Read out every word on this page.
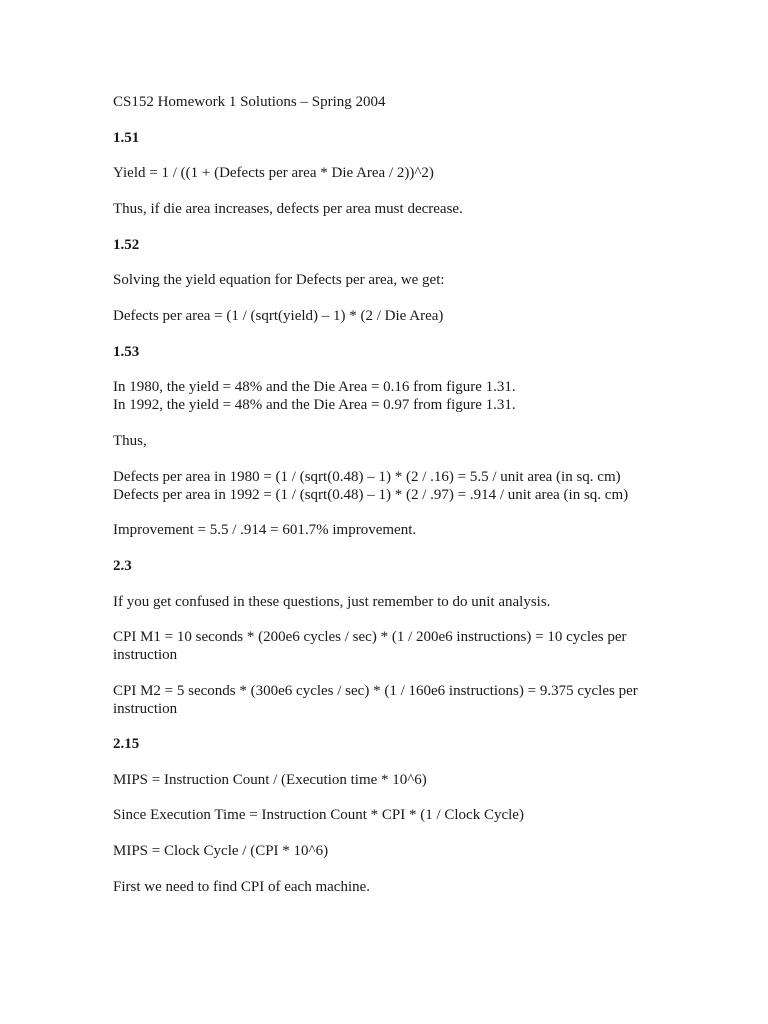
CS152 Homework 1 Solutions – Spring 2004
1.51
Yield = 1 / ((1 + (Defects per area * Die Area / 2))^2)
Thus, if die area increases, defects per area must decrease.
1.52
Solving the yield equation for Defects per area, we get:
Defects per area = (1 / (sqrt(yield) – 1) * (2 / Die Area)
1.53
In 1980, the yield = 48% and the Die Area = 0.16 from figure 1.31.
In 1992, the yield = 48% and the Die Area = 0.97 from figure 1.31.
Thus,
Defects per area in 1980 = (1 / (sqrt(0.48) – 1) * (2 / .16) = 5.5 / unit area (in sq. cm)
Defects per area in 1992 = (1 / (sqrt(0.48) – 1) * (2 / .97) = .914 / unit area (in sq. cm)
Improvement = 5.5 / .914 = 601.7% improvement.
2.3
If you get confused in these questions, just remember to do unit analysis.
CPI M1 = 10 seconds * (200e6 cycles / sec) * (1 / 200e6 instructions) = 10 cycles per instruction
CPI M2 = 5 seconds * (300e6 cycles / sec) * (1 / 160e6 instructions) = 9.375 cycles per instruction
2.15
MIPS = Instruction Count / (Execution time * 10^6)
Since Execution Time = Instruction Count * CPI * (1 / Clock Cycle)
MIPS = Clock Cycle / (CPI * 10^6)
First we need to find CPI of each machine.
